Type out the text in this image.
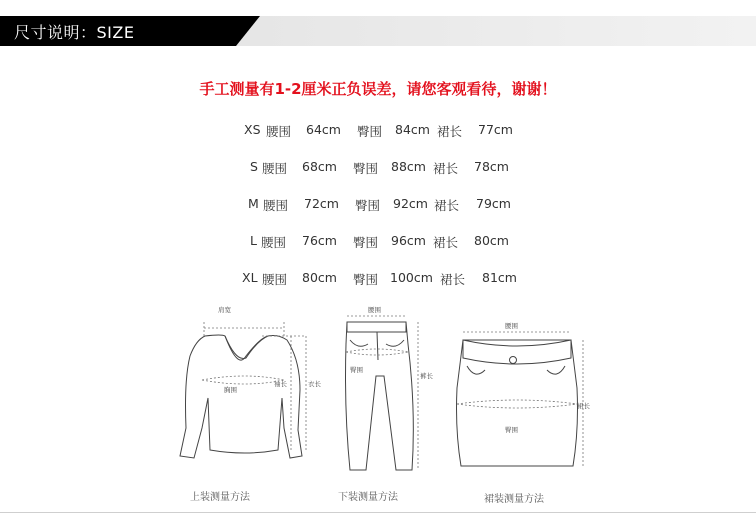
尺寸说明：SIZE
手工测量有1-2厘米正负误差，请您客观看待，谢谢！
XS 腰围 64cm 臀围 84cm 裙长 77cm
S 腰围 68cm 臀围 88cm 裙长 78cm
M 腰围 72cm 臀围 92cm 裙长 79cm
L 腰围 76cm 臀围 96cm 裙长 80cm
XL 腰围 80cm 臀围 100cm 裙长 81cm
肩宽
胸围
袖长	衣长
上装测量方法
腰围
臀围
裤长
下装测量方法
腰围
臀围
裙长
裙装测量方法
